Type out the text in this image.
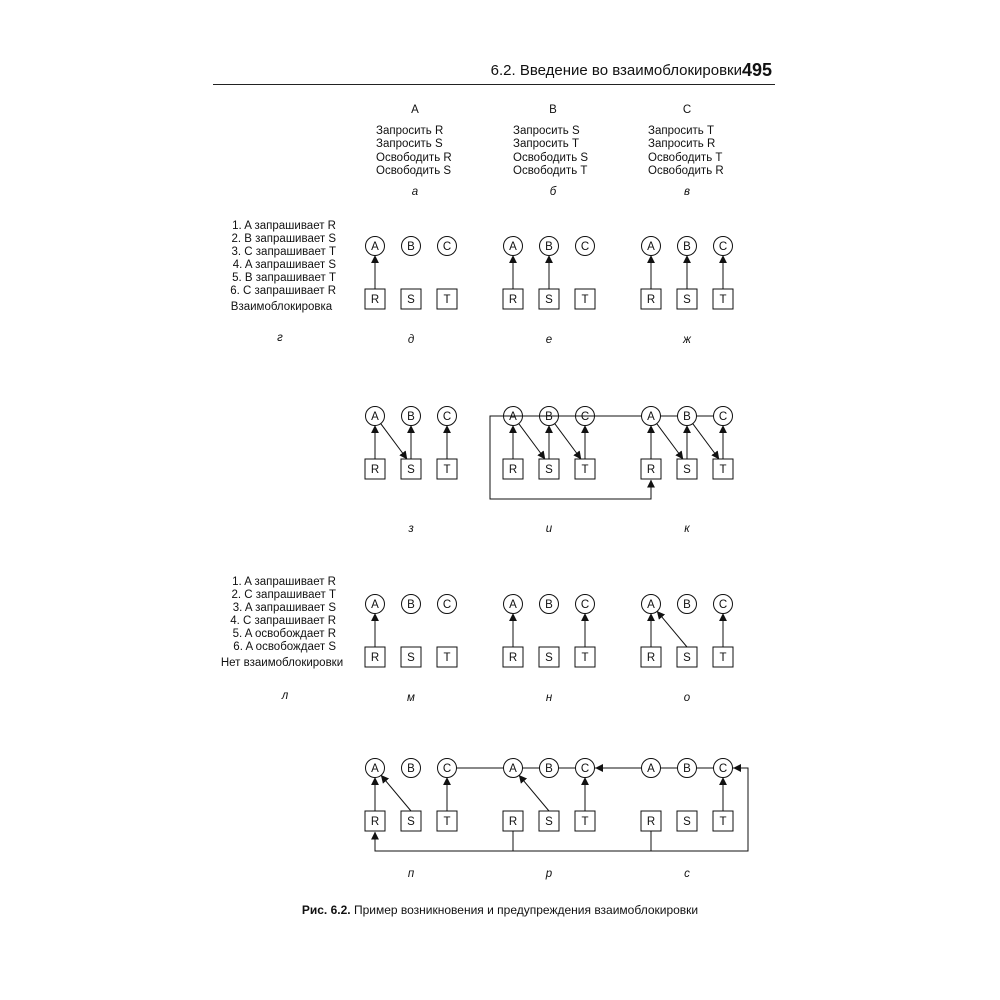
6.2. Введение во взаимоблокировки 495
A
Запросить R
Запросить S
Освободить R
Освободить S
а
B
Запросить S
Запросить T
Освободить S
Освободить T
б
C
Запросить T
Запросить R
Освободить T
Освободить R
в
1. A запрашивает R
2. B запрашивает S
3. C запрашивает T
4. A запрашивает S
5. B запрашивает T
6. C запрашивает R
Взаимоблокировка
г
1. A запрашивает R
2. C запрашивает T
3. A запрашивает S
4. C запрашивает R
5. A освобождает R
6. A освобождает S
Нет взаимоблокировки
л
A B C
R S T
д
A B C
R S T
е
A B C
R S T
ж
A B C
R S T
з
A B C
R S T
и
A B C
R S T
к
A B C
R S T
м
A B C
R S T
н
A B C
R S T
о
A B C
R S T
п
A B C
R S T
р
A B C
R S T
с
Рис. 6.2. Пример возникновения и предупреждения взаимоблокировки
